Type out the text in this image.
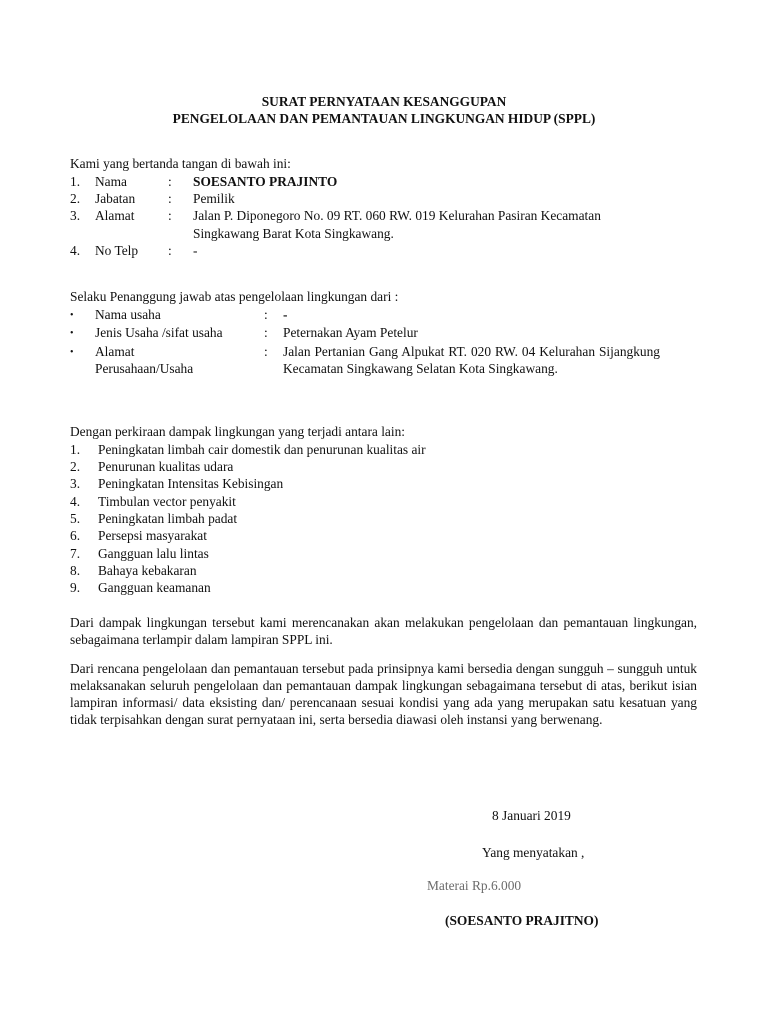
SURAT PERNYATAAN KESANGGUPAN
PENGELOLAAN DAN PEMANTAUAN LINGKUNGAN HIDUP (SPPL)
Kami yang bertanda tangan di bawah ini:
1. Nama	: SOESANTO PRAJINTO
2. Jabatan : Pemilik
3. Alamat	: Jalan P. Diponegoro No. 09 RT. 060 RW. 019 Kelurahan Pasiran Kecamatan
Singkawang Barat Kota Singkawang.
4. No Telp : -
Selaku Penanggung jawab atas pengelolaan lingkungan dari :
• Nama usaha	: -
• Jenis Usaha /sifat usaha	: Peternakan Ayam Petelur
• Alamat
Perusahaan/Usaha
: Jalan Pertanian Gang Alpukat RT. 020 RW. 04 Kelurahan Sijangkung Kecamatan Singkawang Selatan Kota Singkawang.
Dengan perkiraan dampak lingkungan yang terjadi antara lain:
1. Peningkatan limbah cair domestik dan penurunan kualitas air
2. Penurunan kualitas udara
3. Peningkatan Intensitas Kebisingan
4. Timbulan vector penyakit
5. Peningkatan limbah padat
6. Persepsi masyarakat
7. Gangguan lalu lintas
8. Bahaya kebakaran
9. Gangguan keamanan
Dari dampak lingkungan tersebut kami merencanakan akan melakukan pengelolaan dan pemantauan lingkungan, sebagaimana terlampir dalam lampiran SPPL ini.
Dari rencana pengelolaan dan pemantauan tersebut pada prinsipnya kami bersedia dengan sungguh – sungguh untuk melaksanakan seluruh pengelolaan dan pemantauan dampak lingkungan sebagaimana tersebut di atas, berikut isian lampiran informasi/ data eksisting dan/ perencanaan sesuai kondisi yang ada yang merupakan satu kesatuan yang tidak terpisahkan dengan surat pernyataan ini, serta bersedia diawasi oleh instansi yang berwenang.
8 Januari 2019
Yang menyatakan ,
Materai Rp.6.000
(SOESANTO PRAJITNO)
